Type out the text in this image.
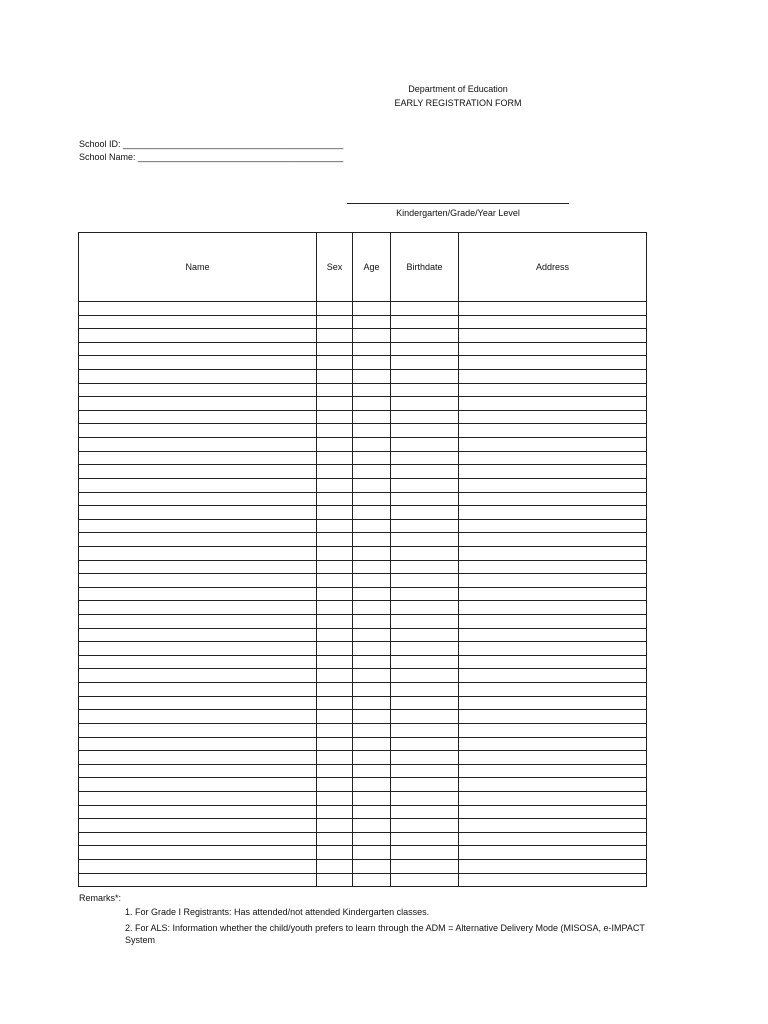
Department of Education
EARLY REGISTRATION FORM
School ID: ____________________________________________
School Name: _________________________________________
Kindergarten/Grade/Year Level
Name	Sex	Age	Birthdate	Address

Remarks*:
1. For Grade I Registrants: Has attended/not attended Kindergarten classes.
2. For ALS: Information whether the child/youth prefers to learn through the ADM = Alternative Delivery Mode (MISOSA, e-IMPACT
System
